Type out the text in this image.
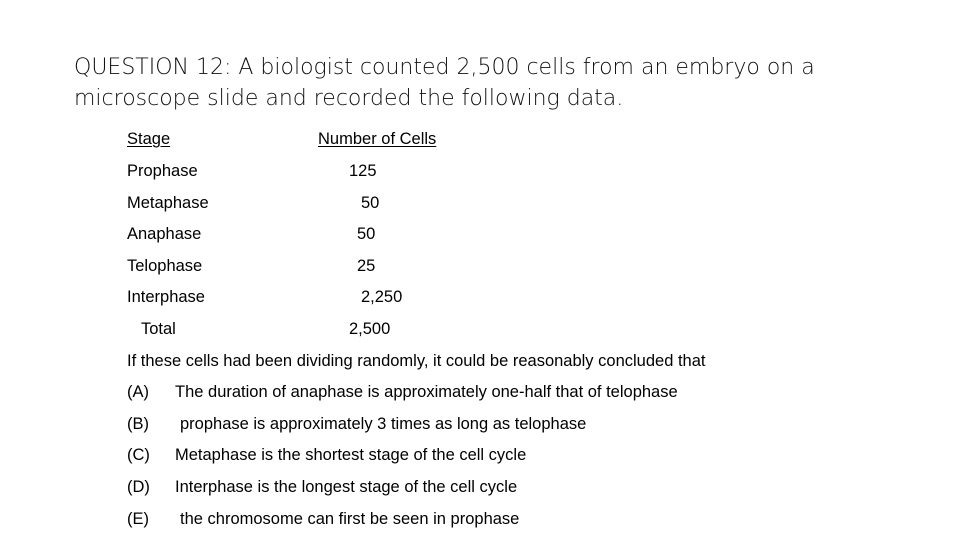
QUESTION 12: A biologist counted 2,500 cells from an embryo on a microscope slide and recorded the following data.

Stage	Number of Cells
Prophase	125
Metaphase	50
Anaphase	50
Telophase	25
Interphase	2,250
Total	2,500

If these cells had been dividing randomly, it could be reasonably concluded that

(A) The duration of anaphase is approximately one-half that of telophase
(B) prophase is approximately 3 times as long as telophase
(C) Metaphase is the shortest stage of the cell cycle
(D) Interphase is the longest stage of the cell cycle
(E) the chromosome can first be seen in prophase
